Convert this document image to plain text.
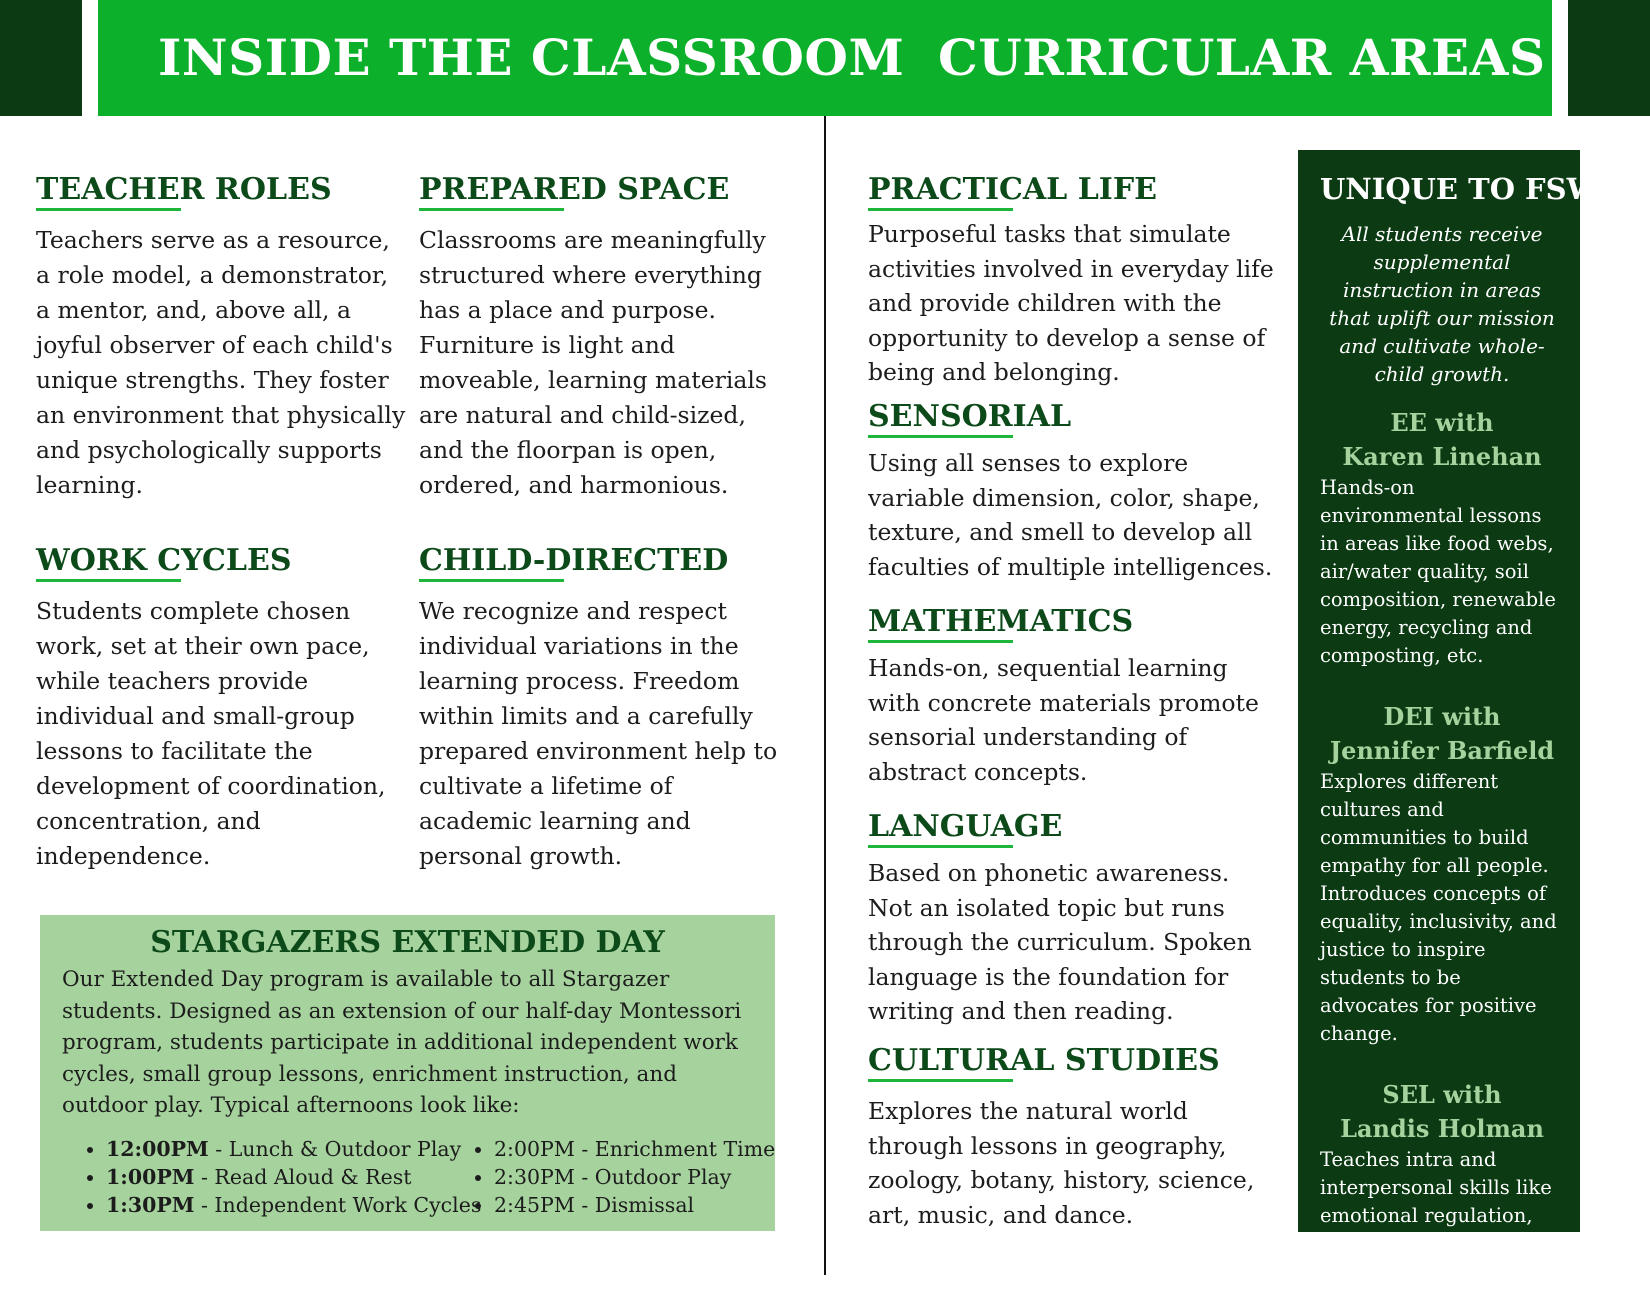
INSIDE THE CLASSROOM CURRICULAR AREAS
TEACHER ROLES

Teachers serve as a resource, a role model, a demonstrator, a mentor, and, above all, a joyful observer of each child's unique strengths. They foster an environment that physically and psychologically supports learning.

PREPARED SPACE

Classrooms are meaningfully structured where everything has a place and purpose. Furniture is light and moveable, learning materials are natural and child-sized, and the floorpan is open, ordered, and harmonious.

WORK CYCLES

Students complete chosen work, set at their own pace, while teachers provide individual and small-group lessons to facilitate the development of coordination, concentration, and independence.

CHILD-DIRECTED

We recognize and respect individual variations in the learning process. Freedom within limits and a carefully prepared environment help to cultivate a lifetime of academic learning and personal growth.

STARGAZERS EXTENDED DAY

Our Extended Day program is available to all Stargazer students. Designed as an extension of our half-day Montessori program, students participate in additional independent work cycles, small group lessons, enrichment instruction, and outdoor play. Typical afternoons look like:

• 12:00PM - Lunch & Outdoor Play
• 1:00PM - Read Aloud & Rest
• 1:30PM - Independent Work Cycles
• 2:00PM - Enrichment Time
• 2:30PM - Outdoor Play
• 2:45PM - Dismissal
PRACTICAL LIFE

Purposeful tasks that simulate activities involved in everyday life and provide children with the opportunity to develop a sense of being and belonging.

SENSORIAL

Using all senses to explore variable dimension, color, shape, texture, and smell to develop all faculties of multiple intelligences.

MATHEMATICS

Hands-on, sequential learning with concrete materials promote sensorial understanding of abstract concepts.

LANGUAGE

Based on phonetic awareness. Not an isolated topic but runs through the curriculum. Spoken language is the foundation for writing and then reading.

CULTURAL STUDIES

Explores the natural world through lessons in geography, zoology, botany, history, science, art, music, and dance.

UNIQUE TO FSW

All students receive supplemental instruction in areas that uplift our mission and cultivate whole-child growth.

EE with

Karen Linehan

Hands-on environmental lessons in areas like food webs, air/water quality, soil composition, renewable energy, recycling and composting, etc.

DEI with

Jennifer Barfield

Explores different cultures and communities to build empathy for all people. Introduces concepts of equality, inclusivity, and justice to inspire students to be advocates for positive change.

SEL with

Landis Holman

Teaches intra and interpersonal skills like emotional regulation, stress management, conflict resolution, and decision-making.
